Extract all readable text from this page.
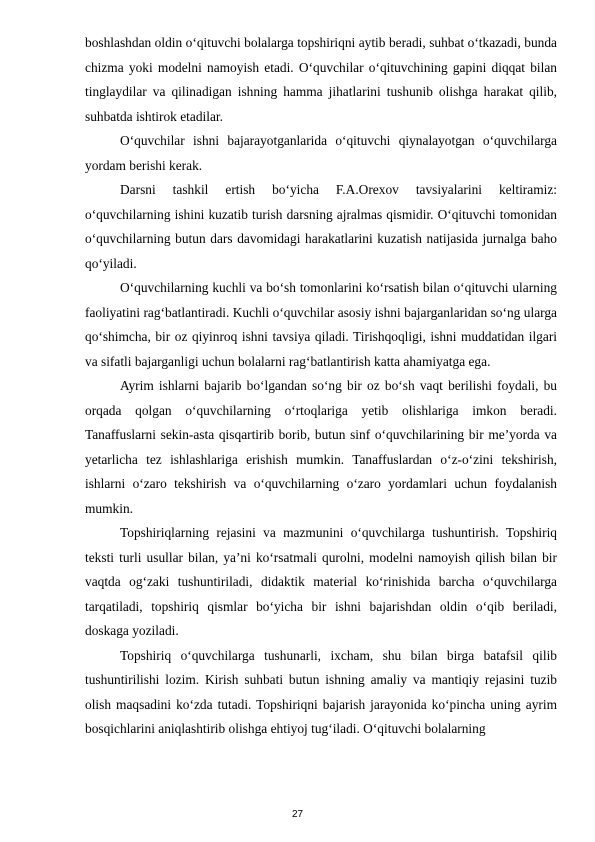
boshlashdan oldin o‘qituvchi bolalarga topshiriqni aytib beradi, suhbat o‘tkazadi, bunda chizma yoki modelni namoyish etadi. O‘quvchilar o‘qituvchining gapini diqqat bilan tinglaydilar va qilinadigan ishning hamma jihatlarini tushunib olishga harakat qilib, suhbatda ishtirok etadilar.

O‘quvchilar ishni bajarayotganlarida o‘qituvchi qiynalayotgan o‘quvchilarga yordam berishi kerak.

Darsni tashkil ertish bo‘yicha F.A.Orexov tavsiyalarini keltiramiz: o‘quvchilarning ishini kuzatib turish darsning ajralmas qismidir. O‘qituvchi tomonidan o‘quvchilarning butun dars davomidagi harakatlarini kuzatish natijasida jurnalga baho qo‘yiladi.

O‘quvchilarning kuchli va bo‘sh tomonlarini ko‘rsatish bilan o‘qituvchi ularning faoliyatini rag‘batlantiradi. Kuchli o‘quvchilar asosiy ishni bajarganlaridan so‘ng ularga qo‘shimcha, bir oz qiyinroq ishni tavsiya qiladi. Tirishqoqligi, ishni muddatidan ilgari va sifatli bajarganligi uchun bolalarni rag‘batlantirish katta ahamiyatga ega.

Ayrim ishlarni bajarib bo‘lgandan so‘ng bir oz bo‘sh vaqt berilishi foydali, bu orqada qolgan o‘quvchilarning o‘rtoqlariga yetib olishlariga imkon beradi. Tanaffuslarni sekin-asta qisqartirib borib, butun sinf o‘quvchilarining bir me’yorda va yetarlicha tez ishlashlariga erishish mumkin. Tanaffuslardan o‘z-o‘zini tekshirish, ishlarni o‘zaro tekshirish va o‘quvchilarning o‘zaro yordamlari uchun foydalanish mumkin.

Topshiriqlarning rejasini va mazmunini o‘quvchilarga tushuntirish. Topshiriq teksti turli usullar bilan, ya’ni ko‘rsatmali qurolni, modelni namoyish qilish bilan bir vaqtda og‘zaki tushuntiriladi, didaktik material ko‘rinishida barcha o‘quvchilarga tarqatiladi, topshiriq qismlar bo‘yicha bir ishni bajarishdan oldin o‘qib beriladi, doskaga yoziladi.

Topshiriq o‘quvchilarga tushunarli, ixcham, shu bilan birga batafsil qilib tushuntirilishi lozim. Kirish suhbati butun ishning amaliy va mantiqiy rejasini tuzib olish maqsadini ko‘zda tutadi. Topshiriqni bajarish jarayonida ko‘pincha uning ayrim bosqichlarini aniqlashtirib olishga ehtiyoj tug‘iladi. O‘qituvchi bolalarning

27
